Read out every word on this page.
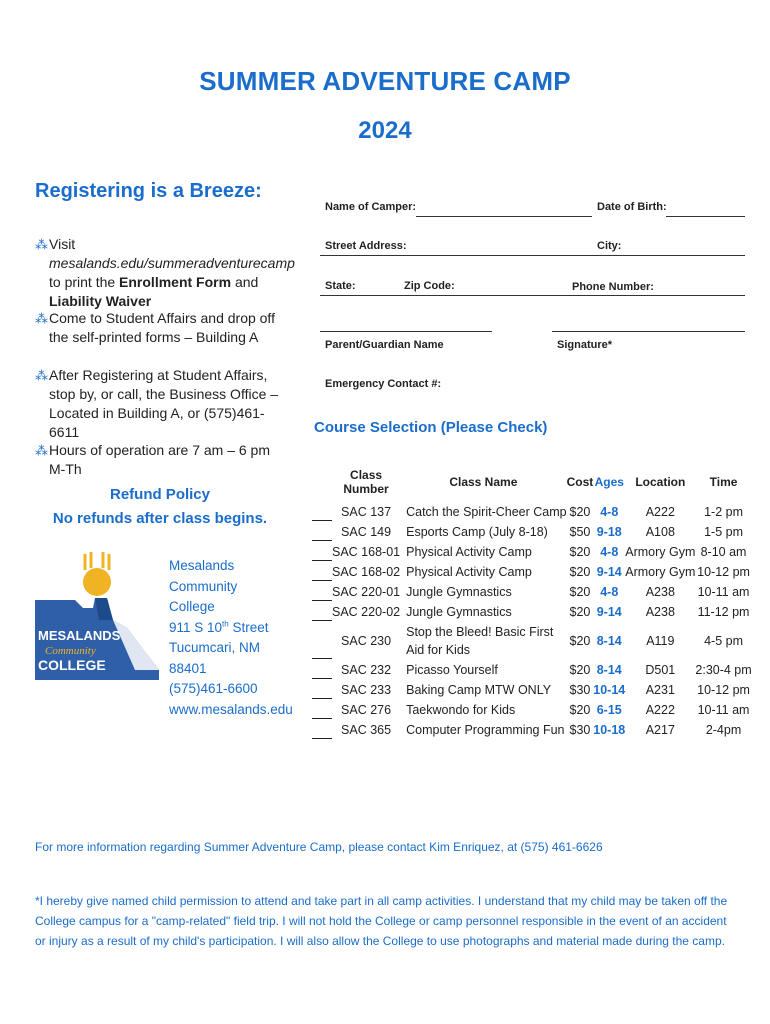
SUMMER ADVENTURE CAMP
2024
Registering is a Breeze:
⁂ Visit mesalands.edu/summeradventurecamp to print the Enrollment Form and Liability Waiver
⁂ Come to Student Affairs and drop off the self-printed forms – Building A
⁂ After Registering at Student Affairs, stop by, or call, the Business Office – Located in Building A, or (575)461-6611
⁂ Hours of operation are 7 am – 6 pm M-Th
Refund Policy
No refunds after class begins.
MESALANDS
Community
COLLEGE
Mesalands Community
College
911 S 10th Street
Tucumcari, NM 88401
(575)461-6600
www.mesalands.edu
Name of Camper:	Date of Birth:
Street Address:	City:
State:	Zip Code:	Phone Number:
Parent/Guardian Name	Signature*
Emergency Contact #:
Course Selection (Please Check)
	Class Number	Class Name	Cost	Ages	Location	Time

	SAC 137	Catch the Spirit-Cheer Camp	$20	4-8	A222	1-2 pm

	SAC 149	Esports Camp (July 8-18)	$50	9-18	A108	1-5 pm

	SAC 168-01	Physical Activity Camp	$20	4-8	Armory Gym	8-10 am

	SAC 168-02	Physical Activity Camp	$20	9-14	Armory Gym	10-12 pm

	SAC 220-01	Jungle Gymnastics	$20	4-8	A238	10-11 am

	SAC 220-02	Jungle Gymnastics	$20	9-14	A238	11-12 pm

	SAC 230	Stop the Bleed! Basic First Aid for Kids	$20	8-14	A119	4-5 pm

	SAC 232	Picasso Yourself	$20	8-14	D501	2:30-4 pm

	SAC 233	Baking Camp MTW ONLY	$30	10-14	A231	10-12 pm

	SAC 276	Taekwondo for Kids	$20	6-15	A222	10-11 am

	SAC 365	Computer Programming Fun	$30	10-18	A217	2-4pm
For more information regarding Summer Adventure Camp, please contact Kim Enriquez, at (575) 461-6626
*I hereby give named child permission to attend and take part in all camp activities. I understand that my child may be taken off the College campus for a "camp-related" field trip. I will not hold the College or camp personnel responsible in the event of an accident or injury as a result of my child's participation. I will also allow the College to use photographs and material made during the camp.
